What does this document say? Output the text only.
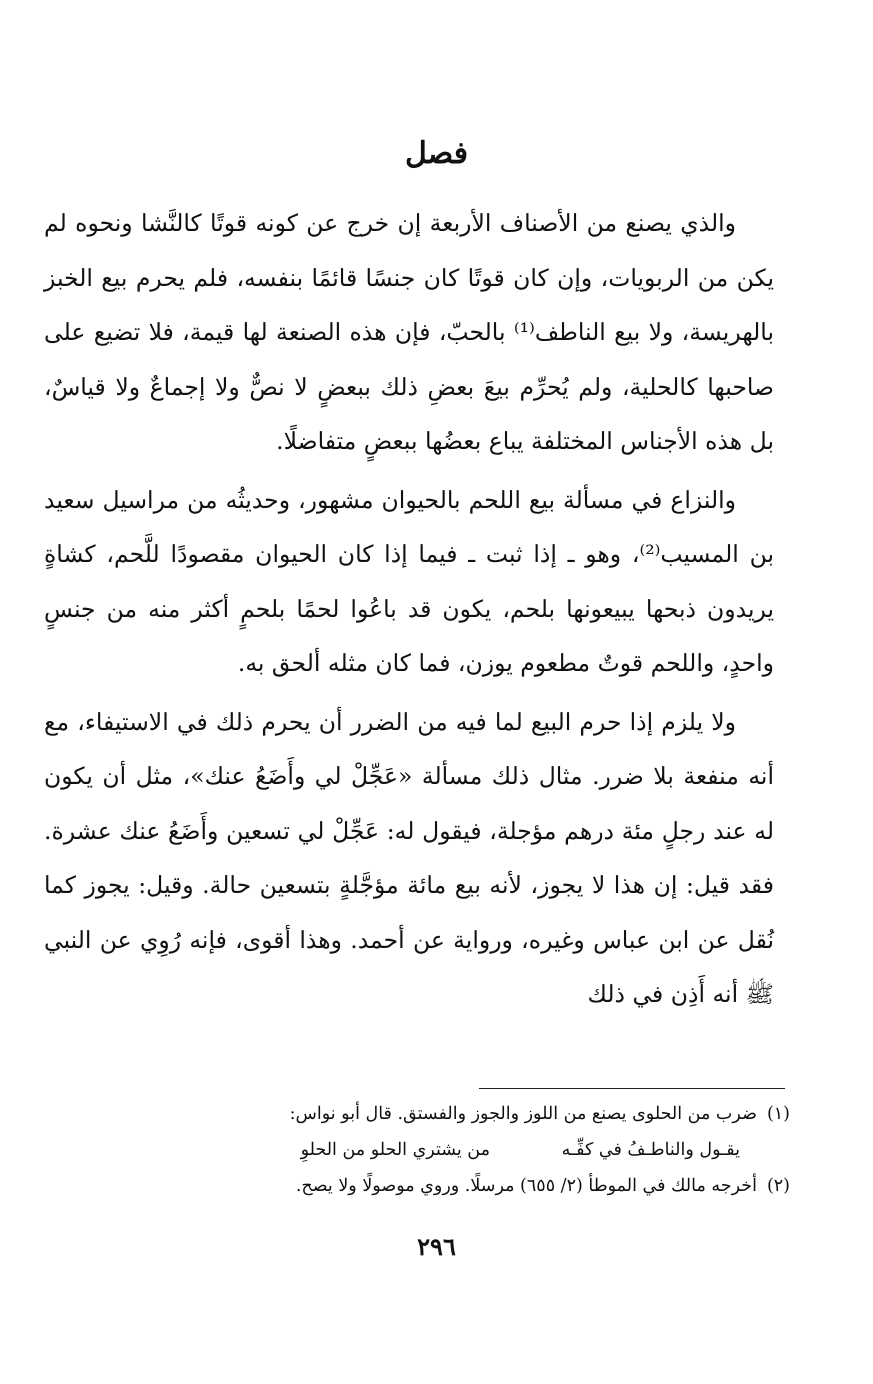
فصل

والذي يصنع من الأصناف الأربعة إن خرج عن كونه قوتًا كالنَّشا ونحوه لم يكن من الربويات، وإن كان قوتًا كان جنسًا قائمًا بنفسه، فلم يحرم بيع الخبز بالهريسة، ولا بيع الناطف⁽¹⁾ بالحبّ، فإن هذه الصنعة لها قيمة، فلا تضيع على صاحبها كالحلية، ولم يُحرِّم بيعَ بعضِ ذلك ببعضٍ لا نصٌّ ولا إجماعٌ ولا قياسٌ، بل هذه الأجناس المختلفة يباع بعضُها ببعضٍ متفاضلًا.

والنزاع في مسألة بيع اللحم بالحيوان مشهور، وحديثُه من مراسيل سعيد بن المسيب⁽²⁾، وهو ـ إذا ثبت ـ فيما إذا كان الحيوان مقصودًا للَّحم، كشاةٍ يريدون ذبحها يبيعونها بلحم، يكون قد باعُوا لحمًا بلحمٍ أكثر منه من جنسٍ واحدٍ، واللحم قوتٌ مطعوم يوزن، فما كان مثله ألحق به.

ولا يلزم إذا حرم البيع لما فيه من الضرر أن يحرم ذلك في الاستيفاء، مع أنه منفعة بلا ضرر. مثال ذلك مسألة «عَجِّلْ لي وأَضَعُ عنك»، مثل أن يكون له عند رجلٍ مئة درهم مؤجلة، فيقول له: عَجِّلْ لي تسعين وأَضَعُ عنك عشرة. فقد قيل: إن هذا لا يجوز، لأنه بيع مائة مؤجَّلةٍ بتسعين حالة. وقيل: يجوز كما نُقل عن ابن عباس وغيره، ورواية عن أحمد. وهذا أقوى، فإنه رُوِي عن النبي ﷺ أنه أَذِن في ذلك

(١)ضرب من الحلوى يصنع من اللوز والجوز والفستق. قال أبو نواس:

يقـول والناطـفُ في كفِّـه
من يشتري الحلو من الحلوِ

(٢)أخرجه مالك في الموطأ (٢/ ٦٥٥) مرسلًا. وروي موصولًا ولا يصح.

٢٩٦
